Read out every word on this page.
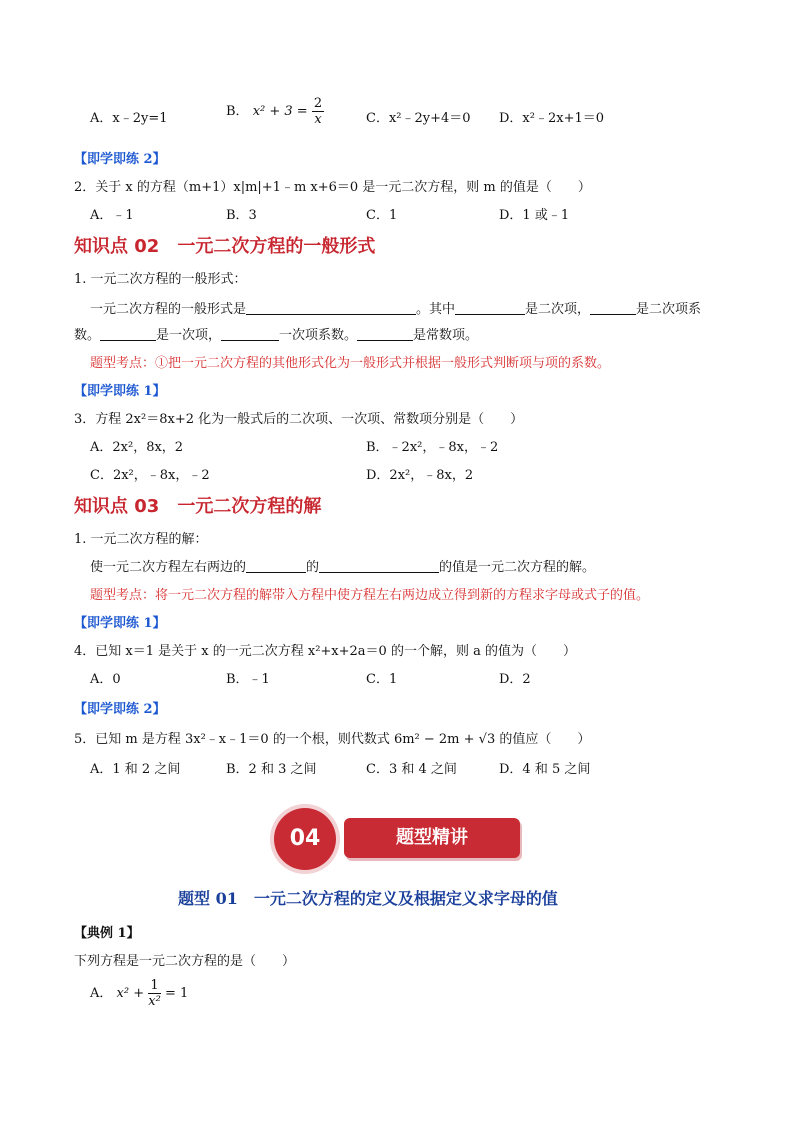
A．x﹣2y=1	B． $x^2 + 3 = \frac{2}{x}$	C．x²﹣2y+4＝0 D．x²﹣2x+1＝0
【即学即练 2】
2．关于 x 的方程（m+1）x|m|+1﹣m x+6＝0 是一元二次方程，则 m 的值是（　　）
A．﹣1	B．3	C．1	D．1 或﹣1
知识点 02　一元二次方程的一般形式
1. 一元二次方程的一般形式：
一元二次方程的一般形式是	。其中	是二次项，	是二次项系
数。	是一次项，	一次项系数。	是常数项。
题型考点：①把一元二次方程的其他形式化为一般形式并根据一般形式判断项与项的系数。
【即学即练 1】
3．方程 2x²＝8x+2 化为一般式后的二次项、一次项、常数项分别是（　　）
A．2x²，8x，2	B．﹣2x²，﹣8x，﹣2
C．2x²，﹣8x，﹣2	D．2x²，﹣8x，2
知识点 03　一元二次方程的解
1. 一元二次方程的解：
使一元二次方程左右两边的	的	的值是一元二次方程的解。
题型考点：将一元二次方程的解带入方程中使方程左右两边成立得到新的方程求字母或式子的值。
【即学即练 1】
4．已知 x＝1 是关于 x 的一元二次方程 x²+x+2a＝0 的一个解，则 a 的值为（　　）
A．0	B．﹣1	C．1	D．2
【即学即练 2】
5．已知 m 是方程 3x²﹣x﹣1＝0 的一个根，则代数式 6m² − 2m + √3 的值应（　　）
A．1 和 2 之间	B．2 和 3 之间	C．3 和 4 之间	D．4 和 5 之间
04	题型精讲
题型 01　一元二次方程的定义及根据定义求字母的值
【典例 1】
下列方程是一元二次方程的是（　　）
A． $x^2 + \frac{1}{\text{x²}} = 1$
